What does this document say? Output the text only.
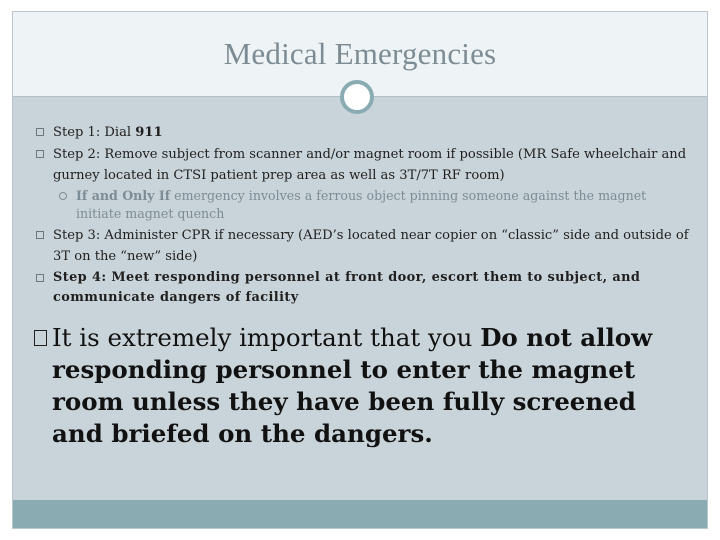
Medical Emergencies
Step 1: Dial 911
Step 2: Remove subject from scanner and/or magnet room if possible (MR Safe wheelchair and gurney located in CTSI patient prep area as well as 3T/7T RF room)
If and Only If emergency involves a ferrous object pinning someone against the magnet initiate magnet quench
Step 3: Administer CPR if necessary (AED’s located near copier on “classic” side and outside of 3T on the “new” side)
Step 4: Meet responding personnel at front door, escort them to subject, and communicate dangers of facility
It is extremely important that you Do not allow responding personnel to enter the magnet room unless they have been fully screened and briefed on the dangers.
